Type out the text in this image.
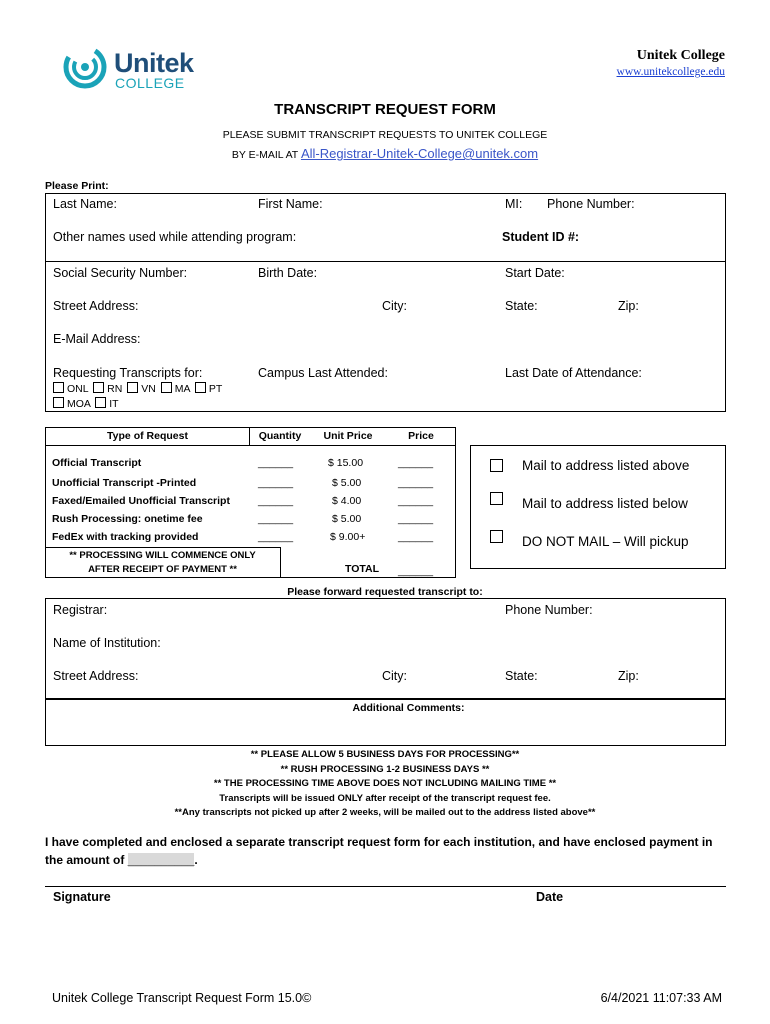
Unitek
COLLEGE
Unitek College
www.unitekcollege.edu
TRANSCRIPT REQUEST FORM
PLEASE SUBMIT TRANSCRIPT REQUESTS TO UNITEK COLLEGE
BY E-MAIL AT All-Registrar-Unitek-College@unitek.com
Please Print:
Last Name:	First Name:	MI: Phone Number:
Other names used while attending program:	Student ID #:
Social Security Number:	Birth Date:	Start Date:
Street Address:	City:	State:	Zip:
E-Mail Address:
Requesting Transcripts for:	Campus Last Attended:	Last Date of Attendance:
ONL RN VN MA PT
MOA IT
Type of Request	Quantity	Unit Price	Price
Official Transcript	______	$ 15.00	______
Unofficial Transcript -Printed	______	$ 5.00	______
Faxed/Emailed Unofficial Transcript	______	$ 4.00	______
Rush Processing: onetime fee	______	$ 5.00	______
FedEx with tracking provided	______	$ 9.00+	______
** PROCESSING WILL COMMENCE ONLY
AFTER RECEIPT OF PAYMENT **	TOTAL ______
Mail to address listed above
Mail to address listed below
DO NOT MAIL – Will pickup
Please forward requested transcript to:
Registrar:	Phone Number:
Name of Institution:
Street Address:	City:	State:	Zip:
Additional Comments:
** PLEASE ALLOW 5 BUSINESS DAYS FOR PROCESSING**
** RUSH PROCESSING 1-2 BUSINESS DAYS **
** THE PROCESSING TIME ABOVE DOES NOT INCLUDING MAILING TIME **
Transcripts will be issued ONLY after receipt of the transcript request fee.
**Any transcripts not picked up after 2 weeks, will be mailed out to the address listed above**
I have completed and enclosed a separate transcript request form for each institution, and have enclosed payment in
the amount of __________.
Signature	Date
Unitek College Transcript Request Form 15.0©	6/4/2021 11:07:33 AM
